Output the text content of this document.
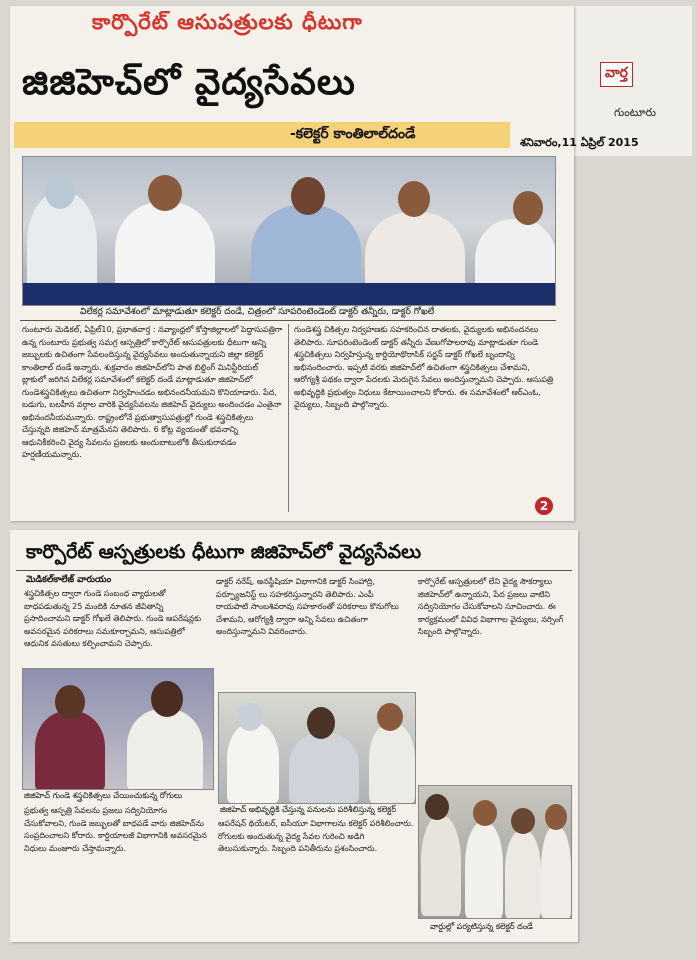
వార్త
గుంటూరు
కార్పొరేట్ ఆసుపత్రులకు ధీటుగా
జిజిహెచ్‌లో వైద్యసేవలు
-కలెక్టర్ కాంతిలాల్‌దండే
శనివారం,11 ఏప్రిల్ 2015
విలేకర్ల సమావేశంలో మాట్లాడుతూ కలెక్టర్ దండే, చిత్రంలో సూపరింటెండెంట్ డాక్టర్ తన్నీరు, డాక్టర్ గోఖలే

గుంటూరు మెడికల్, ఏప్రిల్‌10, ప్రభాతవార్త : నవ్యాంధ్రలో కోస్తాజిల్లాలలో పెద్దాసుపత్రిగా ఉన్న గుంటూరు ప్రభుత్వ సమగ్ర ఆస్పత్రిలో కార్పొరేట్ ఆసుపత్రులకు ధీటుగా అన్ని జబ్బులకు ఉచితంగా సేవలందిస్తున్న వైద్యసేవలు అందుతున్నాయని జిల్లా కలెక్టర్ కాంతిలాల్ దండే అన్నారు. శుక్రవారం జిజిహెచ్‌లోని పాత బిల్డింగ్ మినిస్టీరియల్ బ్లాకులో జరిగిన విలేకర్ల సమావేశంలో కలెక్టర్ దండే మాట్లాడుతూ జిజిహెచ్‌లో గుండెశస్త్రచికిత్సలు ఉచితంగా నిర్వహించడం అభినందనీయమని కొనియాడారు. పేద, బడుగు, బలహీన వర్గాల వారికి వైద్యసేవలను జిజిహెచ్ వైద్యులు అందించడం ఎంతైనా అభినందనీయమన్నారు. రాష్ట్రంలోనే ప్రభుత్వాసుపత్రుల్లో గుండె శస్త్రచికిత్సలు చేస్తున్నది జిజిహెచ్ మాత్రమేనని తెలిపారు. 6 కోట్ల వ్యయంతో భవనాన్ని ఆధునికీకరించి వైద్య సేవలను ప్రజలకు అందుబాటులోకి తీసుకురావడం హర్షణీయమన్నారు.

గుండెశస్త్ర చికిత్సల నిర్వహణకు సహకరించిన దాతలకు, వైద్యులకు అభినందనలు తెలిపారు. సూపరింటెండెంట్ డాక్టర్ తన్నీరు వేణుగోపాలరావు మాట్లాడుతూ గుండె శస్త్రచికిత్సలు నిర్వహిస్తున్న కార్డియోథొరాసిక్ సర్జన్ డాక్టర్ గోఖలే బృందాన్ని అభినందించారు. ఇప్పటి వరకు జిజిహెచ్‌లో ఉచితంగా శస్త్రచికిత్సలు చేశామని, ఆరోగ్యశ్రీ పథకం ద్వారా పేదలకు మెరుగైన సేవలు అందిస్తున్నామని చెప్పారు. ఆసుపత్రి అభివృద్ధికి ప్రభుత్వం నిధులు కేటాయించాలని కోరారు. ఈ సమావేశంలో ఆర్‌ఎంఓ, వైద్యులు, సిబ్బంది పాల్గొన్నారు.

2
కార్పొరేట్ ఆస్పత్రులకు ధీటుగా జిజిహెచ్‌లో వైద్యసేవలు
మెడికల్‌కాలేజ్ వారుయం

శస్త్రచికిత్సల ద్వారా గుండె సంబంధ వ్యాధులతో బాధపడుతున్న 25 మందికి నూతన జీవితాన్ని ప్రసాదించామని డాక్టర్ గోఖలే తెలిపారు. గుండె ఆపరేషన్లకు అవసరమైన పరికరాలు సమకూర్చామని, ఆసుపత్రిలో ఆధునిక వసతులు కల్పించామని చెప్పారు.

డాక్టర్ నరేష్, అనస్థీషియా విభాగానికి డాక్టర్ సింహాద్రి, పర్ఫ్యూజనిస్ట్ లు సహకరిస్తున్నారని తెలిపారు. ఎంపీ రాయపాటి సాంబశివరావు సహకారంతో పరికరాలు కొనుగోలు చేశామని, ఆరోగ్యశ్రీ ద్వారా అన్ని సేవలు ఉచితంగా అందిస్తున్నామని వివరించారు.

కార్పొరేట్ ఆస్పత్రులలో లేని వైద్య సౌకర్యాలు జిజిహెచ్‌లో ఉన్నాయని, పేద ప్రజలు వాటిని సద్వినియోగం చేసుకోవాలని సూచించారు. ఈ కార్యక్రమంలో వివిధ విభాగాల వైద్యులు, నర్సింగ్ సిబ్బంది పాల్గొన్నారు.

జిజిహెచ్ గుండె శస్త్రచికిత్సలు చేయించుకున్న రోగులు
జిజిహెచ్ అభివృద్ధికి చేస్తున్న పనులను పరిశీలిస్తున్న కలెక్టర్

ప్రభుత్వ ఆస్పత్రి సేవలను ప్రజలు సద్వినియోగం చేసుకోవాలని, గుండె జబ్బులతో బాధపడే వారు జిజిహెచ్‌ను సంప్రదించాలని కోరారు. కార్డియాలజీ విభాగానికి అవసరమైన నిధులు మంజూరు చేస్తామన్నారు.

ఆపరేషన్ థియేటర్, ఐసీయూ విభాగాలను కలెక్టర్ పరిశీలించారు. రోగులకు అందుతున్న వైద్య సేవల గురించి అడిగి తెలుసుకున్నారు. సిబ్బంది పనితీరును ప్రశంసించారు.

వార్డుల్లో పర్యటిస్తున్న కలెక్టర్ దండే
